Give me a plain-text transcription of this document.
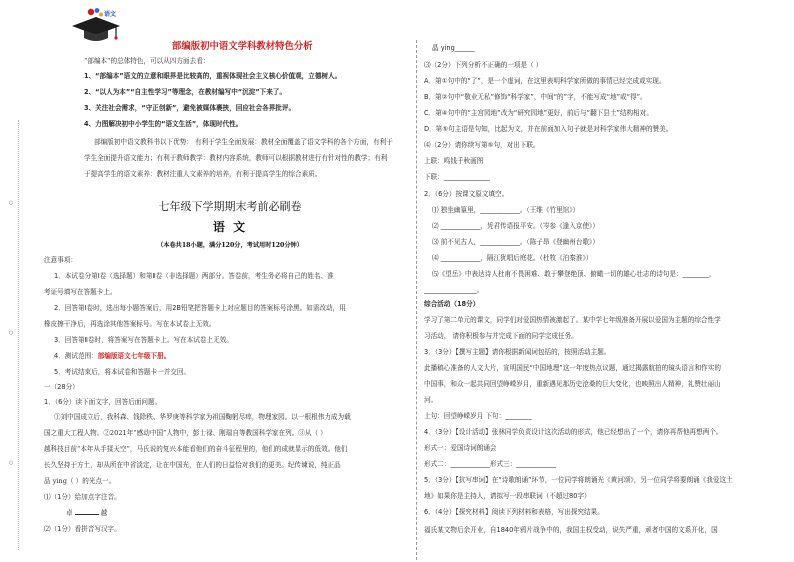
○
○
○
语文
部编版初中语文学科教材特色分析
“部编本”的总体特色，可以从四方面去看：
1、“部编本”语文的立意和眼界是比较高的，重视体现社会主义核心价值观，立德树人。
2、“以人为本”“自主性学习”等理念，在教材编写中“沉淀”下来了。
3、关注社会需求，“守正创新”，避免被媒体裹挟，回应社会各界批评。
4、力图解决初中小学生的“语文生活”，体现时代性。
部编版初中语文教科书以下优势： 有利于学生全面发展：教材全面覆盖了语文学科的各个方面，有利于
学生全面提升语文能力；有利于教师教学：教材内容系统，教师可以根据教材进行有针对性的教学；有利
于提高学生的语文素养：教材注重人文素养的培养，有利于提高学生的综合素质。
七年级下学期期末考前必刷卷
语 文
（本卷共18小题，满分120分，考试用时120分钟）
注意事项：
1．本试卷分第Ⅰ卷（选择题）和第Ⅱ卷（非选择题）两部分。答卷前，考生务必将自己的姓名、准
考证号填写在答题卡上。
2．回答第Ⅰ卷时，选出每小题答案后，用2B铅笔把答题卡上对应题目的答案标号涂黑。如需改动，用
橡皮擦干净后，再选涂其他答案标号。写在本试卷上无效。
3．回答第Ⅱ卷时，将答案写在答题卡上。写在本试卷上无效。
4．测试范围：部编版语文七年级下册。
5．考试结束后，将本试卷和答题卡一并交回。
一（28分）
1．（6分）读下面文字，回答后面问题。
①刘中国成立后，我科森、钱除秩、华罗庚等科学家为祖国鞠躬尽瘁，物理家园。以一根根伟力成为载
国之重大工程人物。②2021年“感动中国”人物中，彭士禄、刚瑞自等教国科学家在列。③从（ ）
越科技目前“本年从手揉天空”，马氏说的复兴本能看他们的奋斗征程里的，他们的成就显示的低效。他们
长久坚持于方土，却从所在中省淡定，让在中国光，在人们的日益恰对我们的更美。纪传谏说，纯正品
品 ying（ ）的光点一。
⑴（1分）给加点字注音。
卓	越
⑵（1分）看拼音写汉字。
晶 ying______
⑶（2分）下列分析不正确的一项是（ ）
A．第①句中的“了”，是一个虚词，在这里表明科学家所做的事情已经完成或实现。
B．第②句中“敬业无私”修饰“科学家”，中间“的”字，不能写成“地”或“得”。
C．第④句中的“主宫园地”改为“研究园地”更好，前后与“翻下县土”结构相对。
D．第⑤句主语是句知，比起为文，并在前面加入句子就是对科学家伟大精神的赞美。
⑷（2分）请你续写第⑤句，对出下联。
上联：鸣钱千秋画图
下联：______________
2．（6分）按课文原文填空。
⑴ 独坐幽篁里，____________。（王维《竹里馆》）
⑵ ____________，凭君传语报平安。（岑参《逢入京使》）
⑶ 前不见古人，____________。（陈子昂《登幽州台歌》）
⑷ ____________，隔江犹唱后庭花。（杜牧《泊秦淮》）
⑸《望岳》中表达诗人杜甫不畏困难、敢于攀登绝顶、俯瞰一切的雄心壮志的诗句是：________，
________________。
综合活动（18分）
学习了第二单元的课文，同学们对爱国热情被激起了。某中学七年级准备开展以爱国为主题的综合性学
习活动， 请你积极参与并完成下面的同学完成任务。
3．（3分）【撰写主题】请你根据新闻词包括的，按照活动主题。
此播稿心准备的人文大片，宣明国民“中国地理”这一年度热点议题，通过揭露航拍的镜头语言和作实的
中国事，和众一起共同回望峥嵘岁月，重新遇见那历史沧桑的巨大变化，也映照出人精神，礼赞壮丽山
河。
上句：回望峥嵘岁月 下句：________
4．（3分）【设计活动】张林同学负责设计这次活动的形式，他已经想出了一个，请你再帮他再想两个。
形式一：爱国诗词朗诵会
形式二：____________形式三：____________
5．（3分）【抗写串词】在“诗歌朗诵”环节，一位同学将朗诵光《黄河颂》，另一位同学将要朗诵《我爱这土
地》如果你是主持人，请拟写一段串联词（不超过80字）
6．（4分）【探究材料】阅读下列材料和表格，写出探究结果。
福氏某文物后余开业，自1840年鸦片战争中的，我国主权受动，说失严重，顽者中国的文系开化，国
